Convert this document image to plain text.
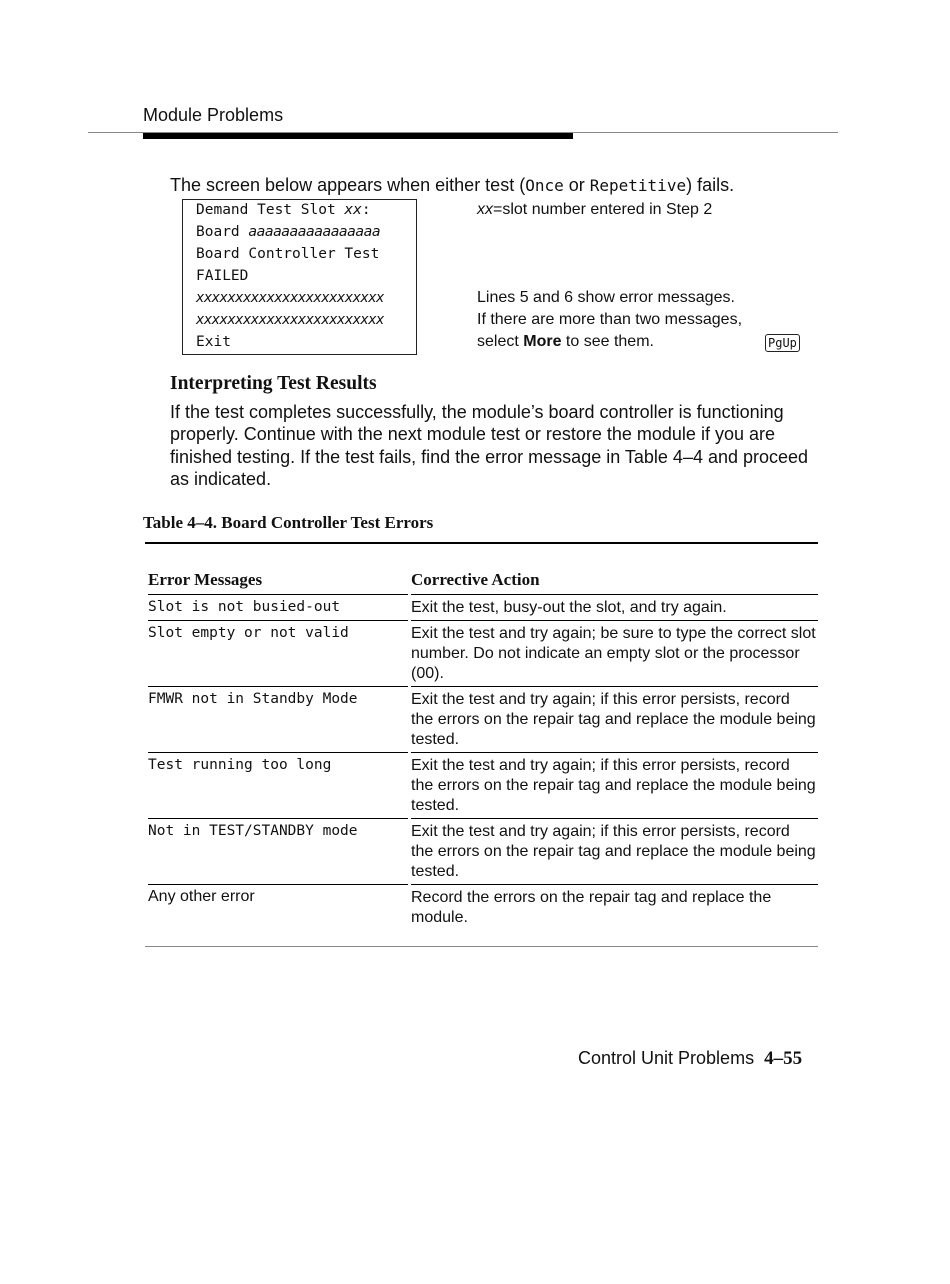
Module Problems
The screen below appears when either test (Once or Repetitive) fails.
Demand Test Slot xx:
Board aaaaaaaaaaaaaaaa
Board Controller Test
FAILED
xxxxxxxxxxxxxxxxxxxxxxxx
xxxxxxxxxxxxxxxxxxxxxxxx
Exit
xx=slot number entered in Step 2
Lines 5 and 6 show error messages.
If there are more than two messages,
select More to see them.	PgUp
Interpreting Test Results
If the test completes successfully, the module’s board controller is functioning properly. Continue with the next module test or restore the module if you are finished testing. If the test fails, find the error message in Table 4–4 and proceed as indicated.
Table 4–4. Board Controller Test Errors
Error Messages	Corrective Action
Slot is not busied-out	Exit the test, busy-out the slot, and try again.
Slot empty or not valid	Exit the test and try again; be sure to type the correct slot number. Do not indicate an empty slot or the processor (00).
FMWR not in Standby Mode	Exit the test and try again; if this error persists, record the errors on the repair tag and replace the module being tested.
Test running too long	Exit the test and try again; if this error persists, record the errors on the repair tag and replace the module being tested.
Not in TEST/STANDBY mode	Exit the test and try again; if this error persists, record the errors on the repair tag and replace the module being tested.
Any other error	Record the errors on the repair tag and replace the module.
Control Unit Problems 4–55
